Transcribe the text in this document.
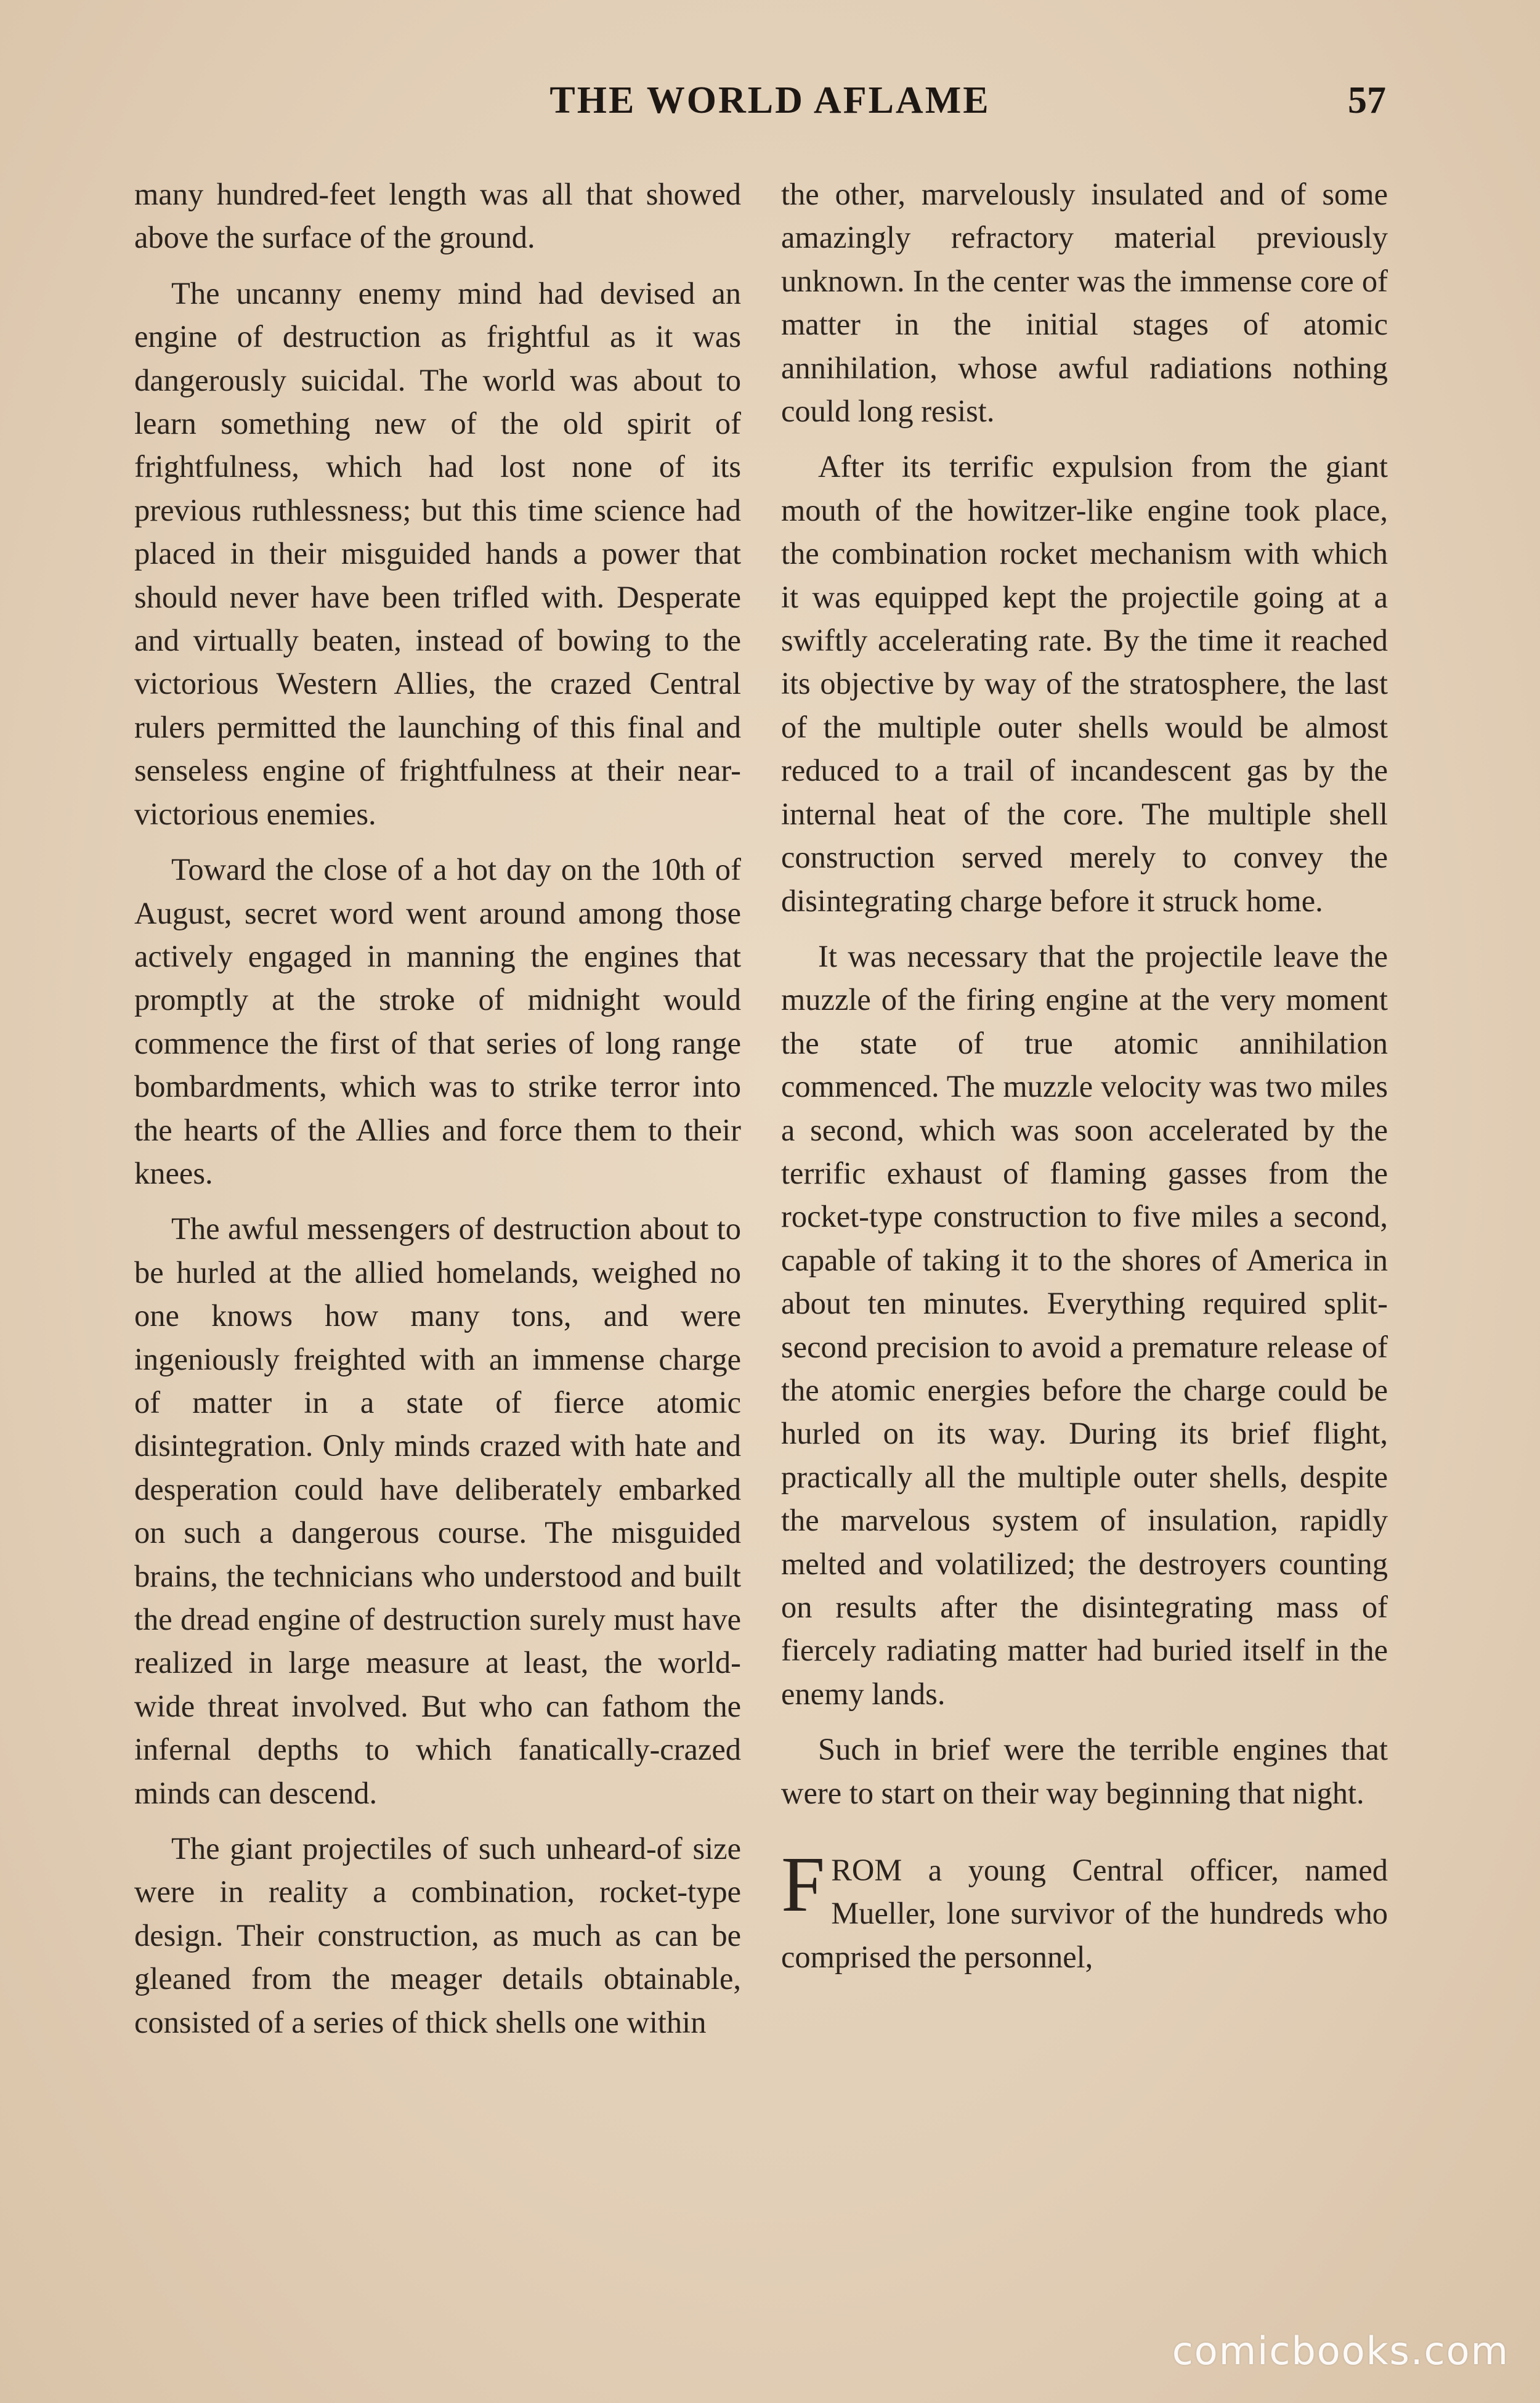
THE WORLD AFLAME	57

many hundred-feet length was all that showed above the surface of the ground.

The uncanny enemy mind had devised an engine of destruction as frightful as it was dangerously suicidal. The world was about to learn something new of the old spirit of frightfulness, which had lost none of its previous ruthlessness; but this time science had placed in their misguided hands a power that should never have been trifled with. Desperate and virtually beaten, instead of bowing to the victorious Western Allies, the crazed Central rulers permitted the launching of this final and senseless engine of frightfulness at their near-victorious enemies.

Toward the close of a hot day on the 10th of August, secret word went around among those actively engaged in manning the engines that promptly at the stroke of midnight would commence the first of that series of long range bombardments, which was to strike terror into the hearts of the Allies and force them to their knees.

The awful messengers of destruction about to be hurled at the allied homelands, weighed no one knows how many tons, and were ingeniously freighted with an immense charge of matter in a state of fierce atomic disintegration. Only minds crazed with hate and desperation could have deliberately embarked on such a dangerous course. The misguided brains, the technicians who understood and built the dread engine of destruction surely must have realized in large measure at least, the world-wide threat involved. But who can fathom the infernal depths to which fanatically-crazed minds can descend.

The giant projectiles of such unheard-of size were in reality a combination, rocket-type design. Their construction, as much as can be gleaned from the meager details obtainable, consisted of a series of thick shells one within

the other, marvelously insulated and of some amazingly refractory material previously unknown. In the center was the immense core of matter in the initial stages of atomic annihilation, whose awful radiations nothing could long resist.

After its terrific expulsion from the giant mouth of the howitzer-like engine took place, the combination rocket mechanism with which it was equipped kept the projectile going at a swiftly accelerating rate. By the time it reached its objective by way of the stratosphere, the last of the multiple outer shells would be almost reduced to a trail of incandescent gas by the internal heat of the core. The multiple shell construction served merely to convey the disintegrating charge before it struck home.

It was necessary that the projectile leave the muzzle of the firing engine at the very moment the state of true atomic annihilation commenced. The muzzle velocity was two miles a second, which was soon accelerated by the terrific exhaust of flaming gasses from the rocket-type construction to five miles a second, capable of taking it to the shores of America in about ten minutes. Everything required split-second precision to avoid a premature release of the atomic energies before the charge could be hurled on its way. During its brief flight, practically all the multiple outer shells, despite the marvelous system of insulation, rapidly melted and volatilized; the destroyers counting on results after the disintegrating mass of fiercely radiating matter had buried itself in the enemy lands.

Such in brief were the terrible engines that were to start on their way beginning that night.

FROM a young Central officer, named Mueller, lone survivor of the hundreds who comprised the personnel,

comicbooks.com
